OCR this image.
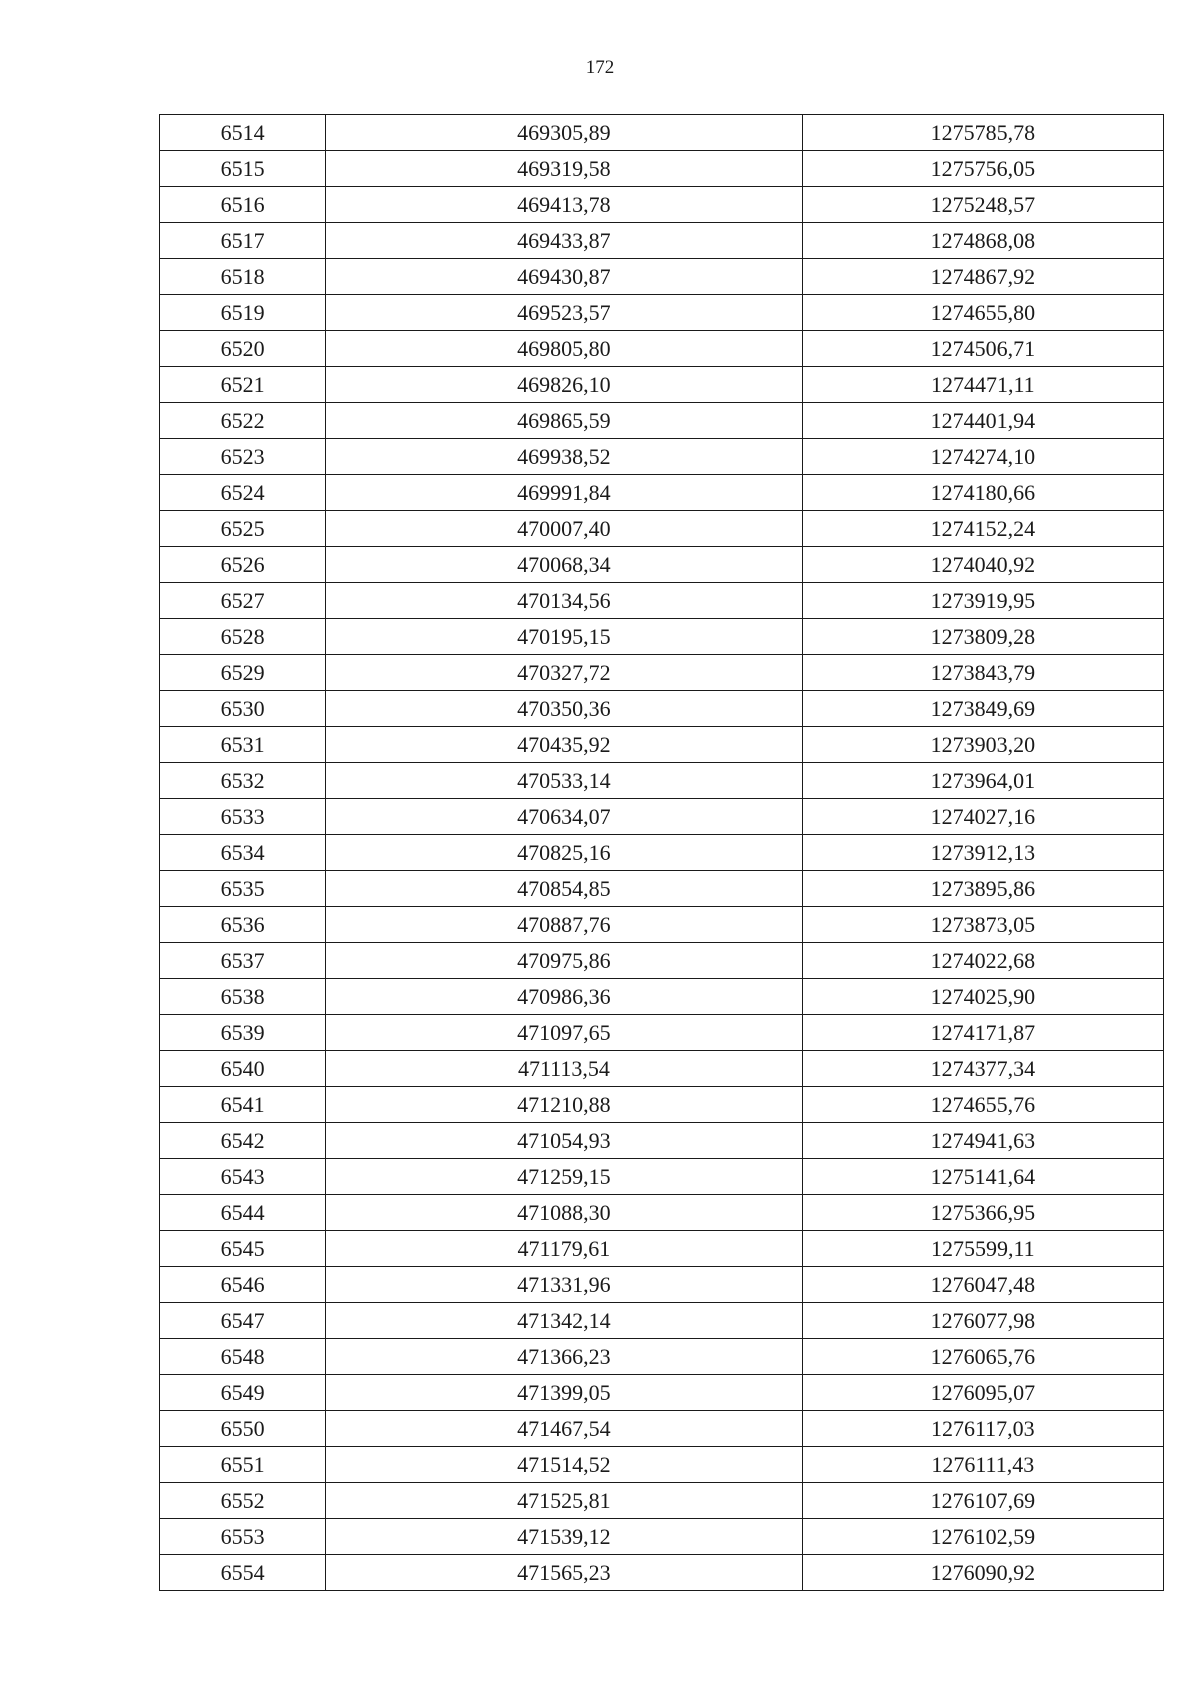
172
6514	469305,89	1275785,78
6515	469319,58	1275756,05
6516	469413,78	1275248,57
6517	469433,87	1274868,08
6518	469430,87	1274867,92
6519	469523,57	1274655,80
6520	469805,80	1274506,71
6521	469826,10	1274471,11
6522	469865,59	1274401,94
6523	469938,52	1274274,10
6524	469991,84	1274180,66
6525	470007,40	1274152,24
6526	470068,34	1274040,92
6527	470134,56	1273919,95
6528	470195,15	1273809,28
6529	470327,72	1273843,79
6530	470350,36	1273849,69
6531	470435,92	1273903,20
6532	470533,14	1273964,01
6533	470634,07	1274027,16
6534	470825,16	1273912,13
6535	470854,85	1273895,86
6536	470887,76	1273873,05
6537	470975,86	1274022,68
6538	470986,36	1274025,90
6539	471097,65	1274171,87
6540	471113,54	1274377,34
6541	471210,88	1274655,76
6542	471054,93	1274941,63
6543	471259,15	1275141,64
6544	471088,30	1275366,95
6545	471179,61	1275599,11
6546	471331,96	1276047,48
6547	471342,14	1276077,98
6548	471366,23	1276065,76
6549	471399,05	1276095,07
6550	471467,54	1276117,03
6551	471514,52	1276111,43
6552	471525,81	1276107,69
6553	471539,12	1276102,59
6554	471565,23	1276090,92
